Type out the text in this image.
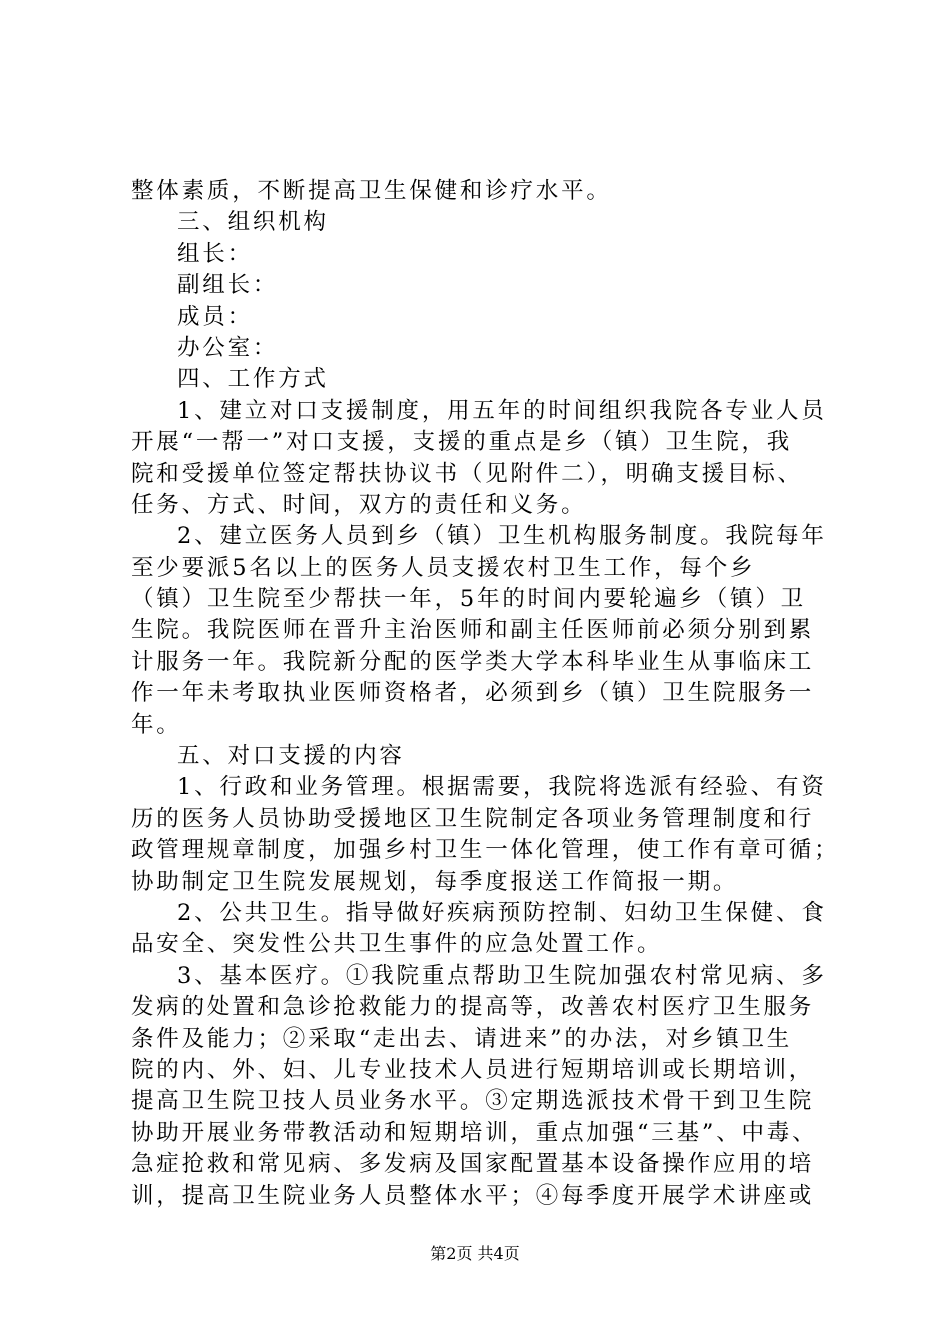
整体素质，不断提高卫生保健和诊疗水平。
三、组织机构
组长：
副组长：
成员：
办公室：
四、工作方式
1、建立对口支援制度，用五年的时间组织我院各专业人员
开展“一帮一”对口支援，支援的重点是乡（镇）卫生院，我
院和受援单位签定帮扶协议书（见附件二），明确支援目标、
任务、方式、时间，双方的责任和义务。
2、建立医务人员到乡（镇）卫生机构服务制度。我院每年
至少要派5名以上的医务人员支援农村卫生工作，每个乡
（镇）卫生院至少帮扶一年，5年的时间内要轮遍乡（镇）卫
生院。我院医师在晋升主治医师和副主任医师前必须分别到累
计服务一年。我院新分配的医学类大学本科毕业生从事临床工
作一年未考取执业医师资格者，必须到乡（镇）卫生院服务一
年。
五、对口支援的内容
1、行政和业务管理。根据需要，我院将选派有经验、有资
历的医务人员协助受援地区卫生院制定各项业务管理制度和行
政管理规章制度，加强乡村卫生一体化管理，使工作有章可循；
协助制定卫生院发展规划，每季度报送工作简报一期。
2、公共卫生。指导做好疾病预防控制、妇幼卫生保健、食
品安全、突发性公共卫生事件的应急处置工作。
3、基本医疗。①我院重点帮助卫生院加强农村常见病、多
发病的处置和急诊抢救能力的提高等，改善农村医疗卫生服务
条件及能力；②采取“走出去、请进来”的办法，对乡镇卫生
院的内、外、妇、儿专业技术人员进行短期培训或长期培训，
提高卫生院卫技人员业务水平。③定期选派技术骨干到卫生院
协助开展业务带教活动和短期培训，重点加强“三基”、中毒、
急症抢救和常见病、多发病及国家配置基本设备操作应用的培
训，提高卫生院业务人员整体水平；④每季度开展学术讲座或
第2页 共4页
